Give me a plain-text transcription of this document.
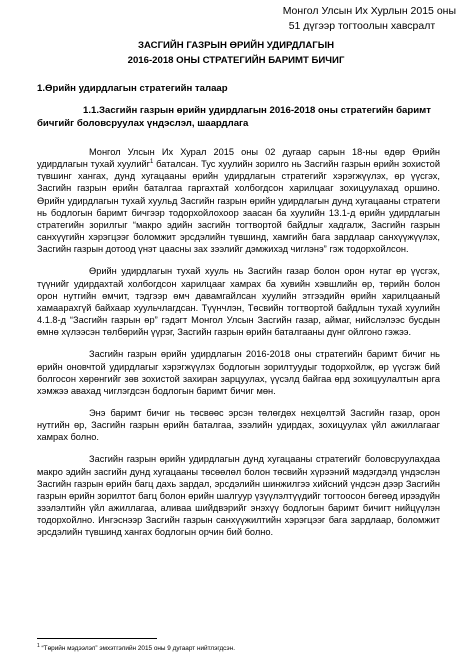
Монгол Улсын Их Хурлын 2015 оны
51 дүгээр тогтоолын хавсралт
ЗАСГИЙН ГАЗРЫН ӨРИЙН УДИРДЛАГЫН
2016-2018 ОНЫ СТРАТЕГИЙН БАРИМТ БИЧИГ
1.Өрийн удирдлагын стратегийн талаар
1.1.Засгийн газрын өрийн удирдлагын 2016-2018 оны стратегийн баримт бичгийг боловсруулах үндэслэл, шаардлага

Монгол Улсын Их Хурал 2015 оны 02 дугаар сарын 18-ны өдөр Өрийн удирдлагын тухай хуулийг$^1$ баталсан. Тус хуулийн зорилго нь Засгийн газрын өрийн зохистой түвшинг хангах, дунд хугацааны өрийн удирдлагын стратегийг хэрэгжүүлэх, өр үүсгэх, Засгийн газрын өрийн баталгаа гаргахтай холбогдсон харилцааг зохицуулахад оршино. Өрийн удирдлагын тухай хуульд Засгийн газрын өрийн удирдлагын дунд хугацааны стратеги нь бодлогын баримт бичгээр тодорхойлохоор заасан ба хуулийн 13.1-д өрийн удирдлагын стратегийн зорилгыг “макро эдийн засгийн тогтвортой байдлыг хадгалж, Засгийн газрын санхүүгийн хэрэгцээг боломжит эрсдэлийн түвшинд, хамгийн бага зардлаар санхүүжүүлэх, Засгийн газрын дотоод үнэт цаасны зах зээлийг дэмжихэд чиглэнэ” гэж тодорхойлсон.

Өрийн удирдлагын тухай хууль нь Засгийн газар болон орон нутаг өр үүсгэх, түүнийг удирдахтай холбогдсон харилцааг хамрах ба хувийн хэвшлийн өр, төрийн болон орон нутгийн өмчит, тэдгээр өмч давамгайлсан хуулийн этгээдийн өрийн харилцааный хамаарахгүй байхаар хуульчлагдсан. Түүнчлэн, Төсвийн тогтвортой байдлын тухай хуулийн 4.1.8-д “Засгийн газрын өр” гэдэгт Монгол Улсын Засгийн газар, аймаг, нийслэлээс бусдын өмнө хүлээсэн төлбөрийн үүрэг, Засгийн газрын өрийн баталгааны дүнг ойлгоно гэжээ.

Засгийн газрын өрийн удирдлагын 2016-2018 оны стратегийн баримт бичиг нь өрийн оновчтой удирдлагыг хэрэгжүүлэх бодлогын зорилтуудыг тодорхойлж, өр үүсгэж бий болгосон хөрөнгийг зөв зохистой захиран зарцуулах, үүсэлд байгаа өрд зохицуулалтын арга хэмжээ авахад чиглэгдсэн бодлогын баримт бичиг мөн.

Энэ баримт бичиг нь төсвөөс эрсэн төлөгдөх нехцөлтэй Засгийн газар, орон нутгийн өр, Засгийн газрын өрийн баталгаа, зээлийн удирдах, зохицуулах үйл ажиллагааг хамрах болно.

Засгийн газрын өрийн удирдлагын дунд хугацааны стратегийг боловсруулахдаа макро эдийн засгийн дунд хугацааны төсөөлөл болон төсвийн хүрээний мэдэгдэлд үндэслэн Засгийн газрын өрийн багц дахь зардал, эрсдэлийн шинжилгээ хийсний үндсэн дээр Засгийн газрын өрийн зорилтот багц болон өрийн шалгуур үзүүлэлтүүдийг тогтоосон бөгөөд ирээдүйн зээлэлтийн үйл ажиллагаа, аливаа шийдвэрийг энэхүү бодлогын баримт бичигт нийцүүлэн тодорхойлно. Ингэснээр Засгийн газрын санхүүжилтийн хэрэгцээг бага зардлаар, боломжит эрсдэлийн түвшинд хангах бодлогын орчин бий болно.

$^1$ “Төрийн мэдээлэл” эмхэтгэлийн 2015 оны 9 дугаарт нийтлэгдсэн.
